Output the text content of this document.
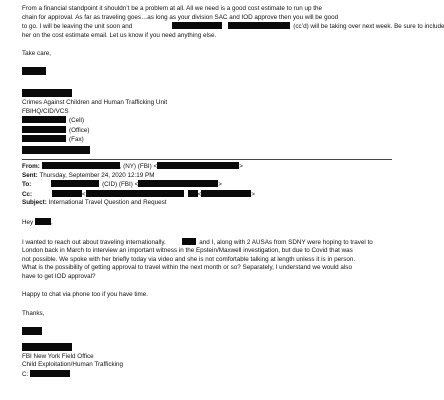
From a financial standpoint it shouldn’t be a problem at all. All we need is a good cost estimate to run up the

chain for approval. As far as traveling goes…as long as your division SAC and IOD approve then you will be good

to go. I will be leaving the unit soon and	(cc’d) will be taking over next week. Be sure to include

her on the cost estimate email. Let us know if you need anything else.

Take care,

Crimes Against Children and Human Trafficking Unit

FBIHQ/CID/VCS

(Cell)

(Office)

(Fax)

From:	, (NY) (FBI) <	>

Sent: Thursday, September 24, 2020 12:19 PM

To:	(CID) (FBI) <	>

Cc:	<	<	>

Subject: International Travel Question and Request

Hey	,

I wanted to reach out about traveling internationally.	and I, along with 2 AUSAs from SDNY were hoping to travel to

London back in March to interview an important witness in the Epstein/Maxwell investigation, but due to Covid that was

not possible. We spoke with her briefly today via video and she is not comfortable talking at length unless it is in person.

What is the possibility of getting approval to travel within the next month or so? Separately, I understand we would also

have to get IOD approval?

Happy to chat via phone too if you have time.

Thanks,

FBI New York Field Office

Child Exploitation/Human Trafficking

C:
